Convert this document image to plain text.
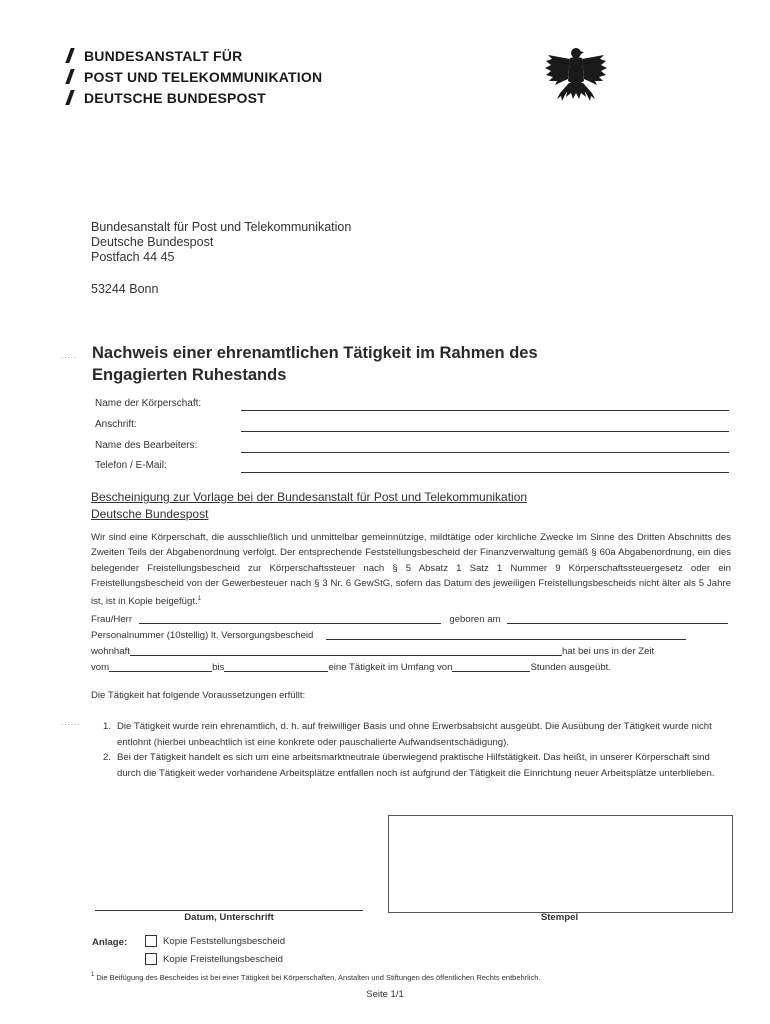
BUNDESANSTALT FÜR
POST UND TELEKOMMUNIKATION
DEUTSCHE BUNDESPOST
Bundesanstalt für Post und Telekommunikation
Deutsche Bundespost
Postfach 44 45
53244 Bonn
.....
......
Nachweis einer ehrenamtlichen Tätigkeit im Rahmen des
Engagierten Ruhestands
Name der Körperschaft:
Anschrift:
Name des Bearbeiters:
Telefon / E-Mail:
Bescheinigung zur Vorlage bei der Bundesanstalt für Post und Telekommunikation
Deutsche Bundespost
Wir sind eine Körperschaft, die ausschließlich und unmittelbar gemeinnützige, mildtätige oder kirchliche Zwecke im Sinne des Dritten Abschnitts des Zweiten Teils der Abgabenordnung verfolgt. Der entsprechende Feststellungsbescheid der Finanzverwaltung gemäß § 60a Abgabenordnung, ein dies belegender Freistellungsbescheid zur Körperschaftssteuer nach § 5 Absatz 1 Satz 1 Nummer 9 Körperschaftssteuergesetz oder ein Freistellungsbescheid von der Gewerbesteuer nach § 3 Nr. 6 GewStG, sofern das Datum des jeweiligen Freistellungsbescheids nicht älter als 5 Jahre ist, ist in Kopie beigefügt.$^1$
Frau/Herr	geboren am
Personalnummer (10stellig) lt. Versorgungsbescheid
wohnhaft	hat bei uns in der Zeit
vom	bis	eine Tätigkeit im Umfang von	Stunden ausgeübt.
Die Tätigkeit hat folgende Voraussetzungen erfüllt:
1. Die Tätigkeit wurde rein ehrenamtlich, d. h. auf freiwilliger Basis und ohne Erwerbsabsicht ausgeübt. Die Ausübung der Tätigkeit wurde nicht entlohnt (hierbei unbeachtlich ist eine konkrete oder pauschalierte Aufwandsentschädigung).
2. Bei der Tätigkeit handelt es sich um eine arbeitsmarktneutrale überwiegend praktische Hilfstätigkeit. Das heißt, in unserer Körperschaft sind durch die Tätigkeit weder vorhandene Arbeitsplätze entfallen noch ist aufgrund der Tätigkeit die Einrichtung neuer Arbeitsplätze unterblieben.
Datum, Unterschrift	Stempel
Anlage:	Kopie Feststellungsbescheid
Kopie Freistellungsbescheid
$^1$ Die Beifügung des Bescheides ist bei einer Tätigkeit bei Körperschaften, Anstalten und Stiftungen des öffentlichen Rechts entbehrlich.
Seite 1/1
